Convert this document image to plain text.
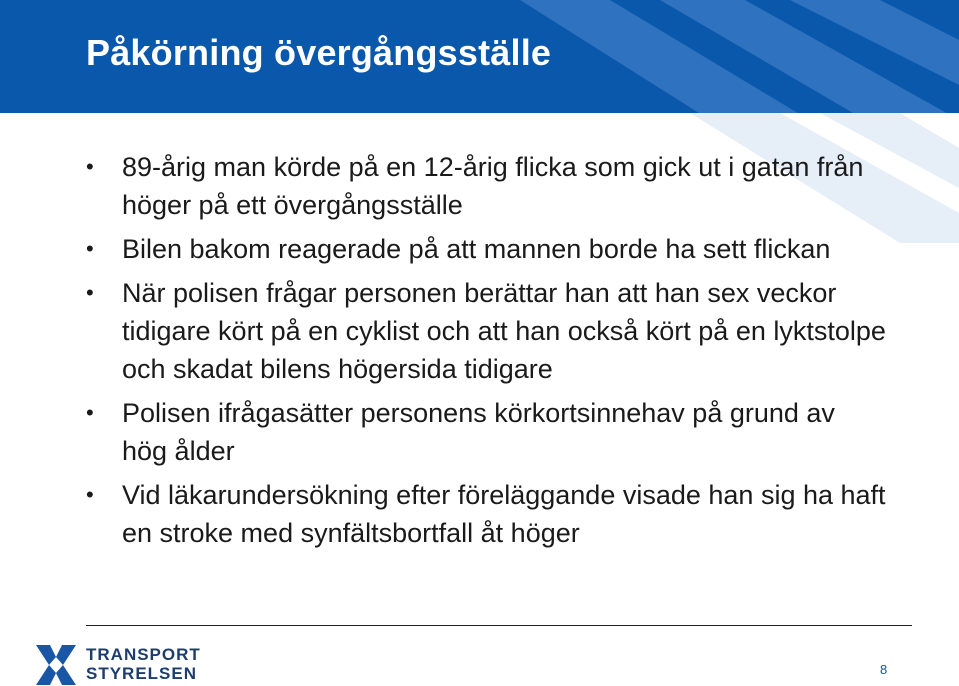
Påkörning övergångsställe
•	89-årig man körde på en 12-årig flicka som gick ut i gatan från höger på ett övergångsställe
•	Bilen bakom reagerade på att mannen borde ha sett flickan
•	När polisen frågar personen berättar han att han sex veckor tidigare kört på en cyklist och att han också kört på en lyktstolpe och skadat bilens högersida tidigare
•	Polisen ifrågasätter personens körkortsinnehav på grund av hög ålder
•	Vid läkarundersökning efter föreläggande visade han sig ha haft en stroke med synfältsbortfall åt höger
TRANSPORT
STYRELSEN	8
